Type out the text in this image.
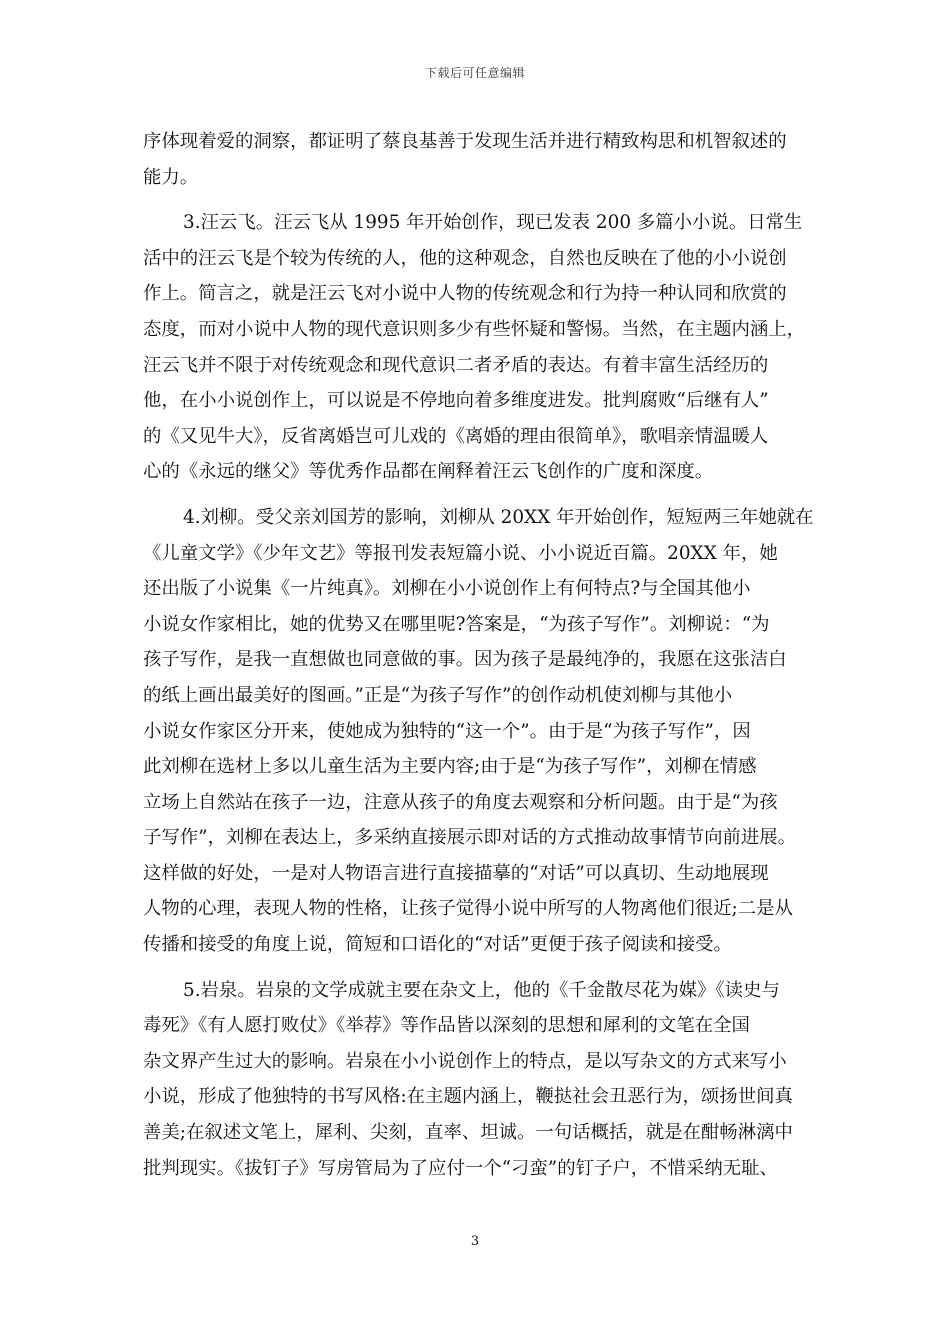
下载后可任意编辑
序体现着爱的洞察，都证明了蔡良基善于发现生活并进行精致构思和机智叙述的
能力。
3.汪云飞。汪云飞从 1995 年开始创作，现已发表 200 多篇小小说。日常生
活中的汪云飞是个较为传统的人，他的这种观念，自然也反映在了他的小小说创
作上。简言之，就是汪云飞对小说中人物的传统观念和行为持一种认同和欣赏的
态度，而对小说中人物的现代意识则多少有些怀疑和警惕。当然，在主题内涵上，
汪云飞并不限于对传统观念和现代意识二者矛盾的表达。有着丰富生活经历的
他，在小小说创作上，可以说是不停地向着多维度进发。批判腐败“后继有人”
的《又见牛大》，反省离婚岂可儿戏的《离婚的理由很简单》，歌唱亲情温暖人
心的《永远的继父》等优秀作品都在阐释着汪云飞创作的广度和深度。
4.刘柳。受父亲刘国芳的影响，刘柳从 20XX 年开始创作，短短两三年她就在
《儿童文学》《少年文艺》等报刊发表短篇小说、小小说近百篇。20XX 年，她
还出版了小说集《一片纯真》。刘柳在小小说创作上有何特点?与全国其他小
小说女作家相比，她的优势又在哪里呢?答案是，“为孩子写作”。刘柳说：“为
孩子写作，是我一直想做也同意做的事。因为孩子是最纯净的，我愿在这张洁白
的纸上画出最美好的图画。”正是“为孩子写作”的创作动机使刘柳与其他小
小说女作家区分开来，使她成为独特的“这一个”。由于是“为孩子写作”，因
此刘柳在选材上多以儿童生活为主要内容;由于是“为孩子写作”，刘柳在情感
立场上自然站在孩子一边，注意从孩子的角度去观察和分析问题。由于是“为孩
子写作”，刘柳在表达上，多采纳直接展示即对话的方式推动故事情节向前进展。
这样做的好处，一是对人物语言进行直接描摹的“对话”可以真切、生动地展现
人物的心理，表现人物的性格，让孩子觉得小说中所写的人物离他们很近;二是从
传播和接受的角度上说，简短和口语化的“对话”更便于孩子阅读和接受。
5.岩泉。岩泉的文学成就主要在杂文上，他的《千金散尽花为媒》《读史与
毒死》《有人愿打败仗》《举荐》等作品皆以深刻的思想和犀利的文笔在全国
杂文界产生过大的影响。岩泉在小小说创作上的特点，是以写杂文的方式来写小
小说，形成了他独特的书写风格:在主题内涵上，鞭挞社会丑恶行为，颂扬世间真
善美;在叙述文笔上，犀利、尖刻，直率、坦诚。一句话概括，就是在酣畅淋漓中
批判现实。《拔钉子》写房管局为了应付一个“刁蛮”的钉子户，不惜采纳无耻、
3
